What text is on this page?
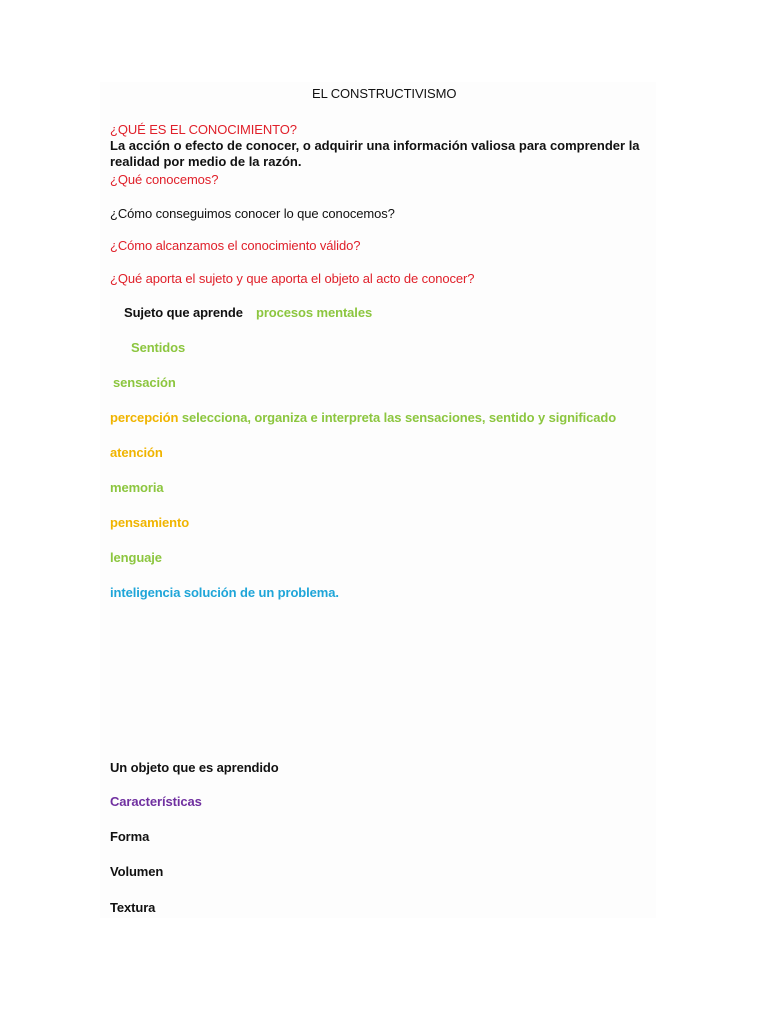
EL CONSTRUCTIVISMO
¿QUÉ ES EL CONOCIMIENTO?
La acción o efecto de conocer, o adquirir una información valiosa para comprender la realidad por medio de la razón.
¿Qué conocemos?
¿Cómo conseguimos conocer lo que conocemos?
¿Cómo alcanzamos el conocimiento válido?
¿Qué aporta el sujeto y que aporta el objeto al acto de conocer?
Sujeto que aprende procesos mentales
Sentidos
sensación
percepción selecciona, organiza e interpreta las sensaciones, sentido y significado
atención
memoria
pensamiento
lenguaje
inteligencia solución de un problema.
Un objeto que es aprendido
Características
Forma
Volumen
Textura
